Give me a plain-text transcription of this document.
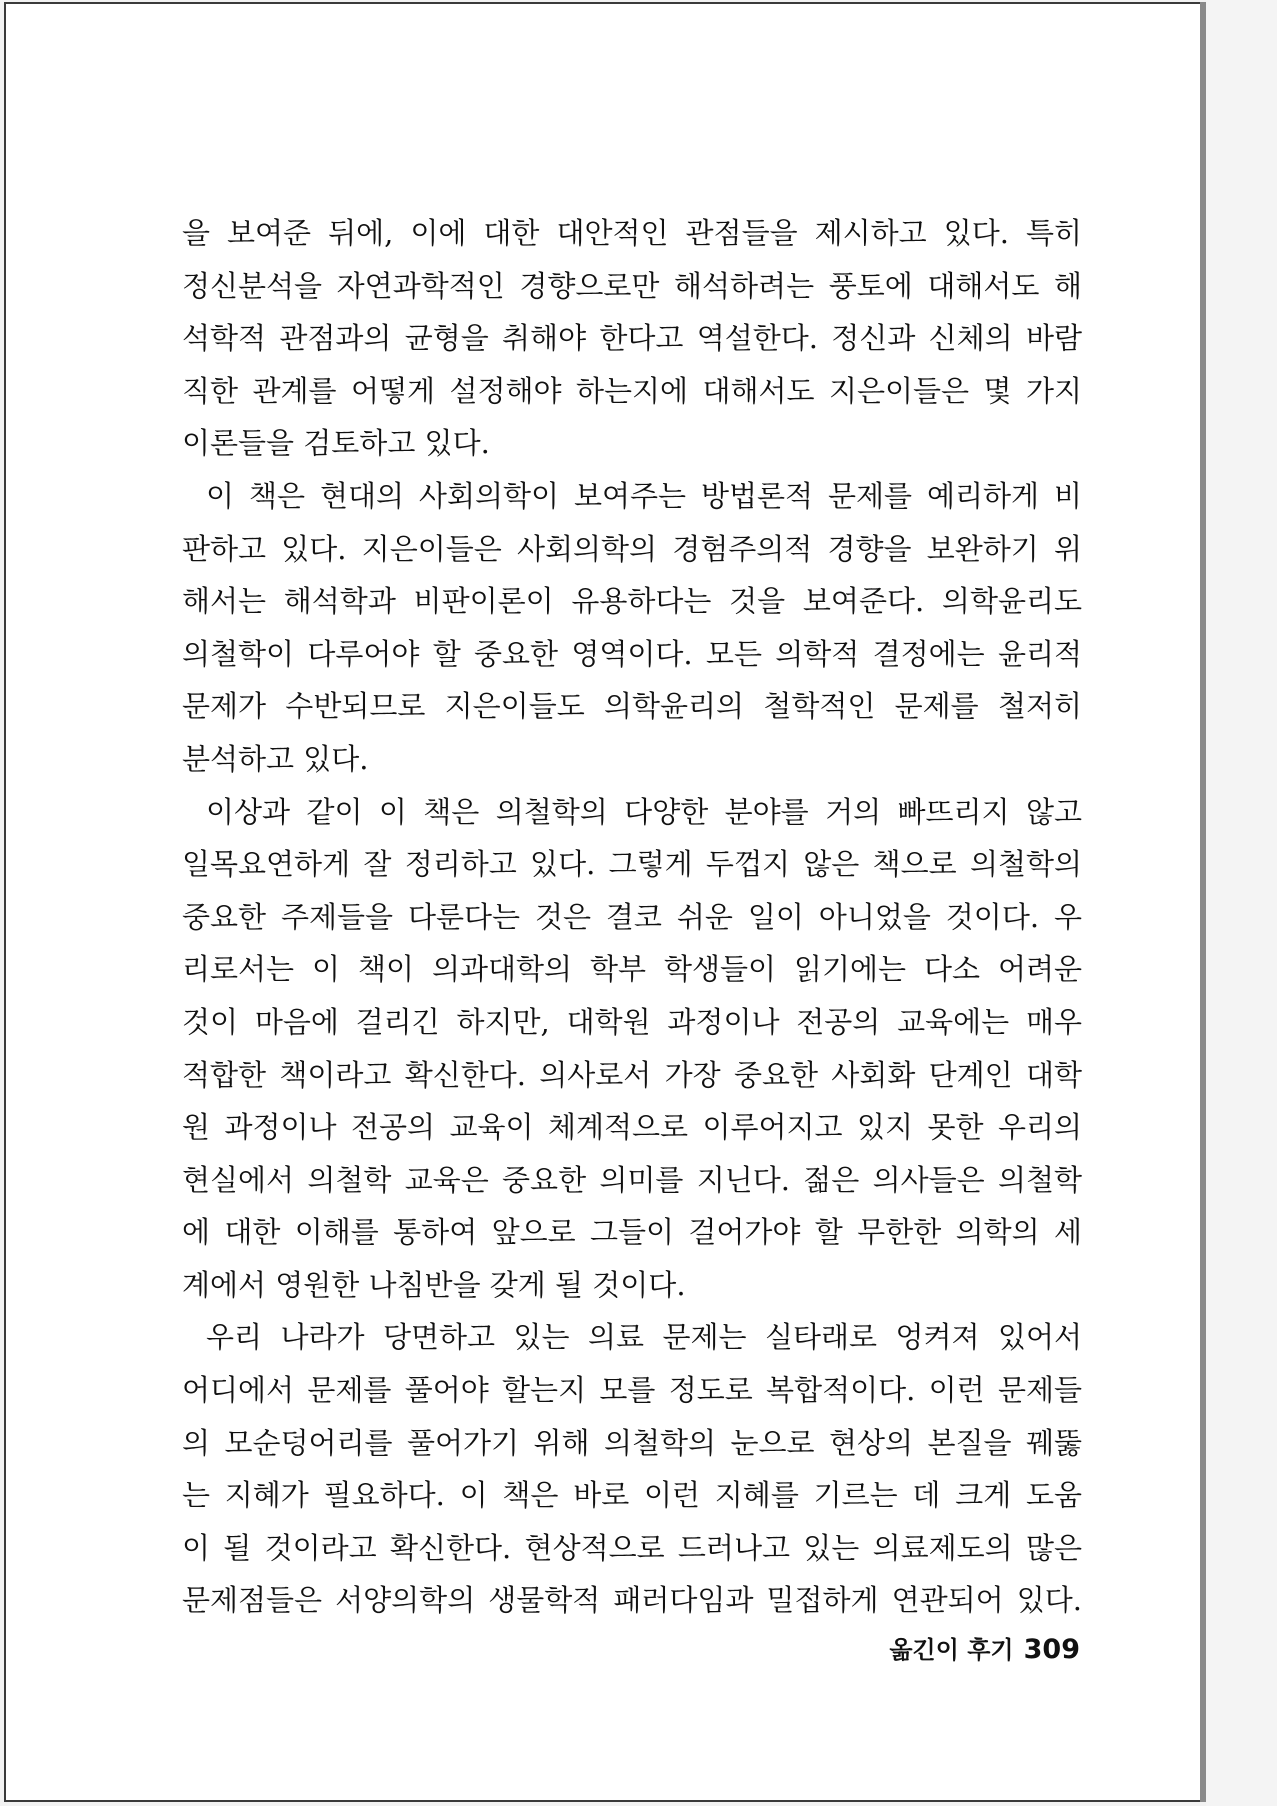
을 보여준 뒤에, 이에 대한 대안적인 관점들을 제시하고 있다. 특히
정신분석을 자연과학적인 경향으로만 해석하려는 풍토에 대해서도 해
석학적 관점과의 균형을 취해야 한다고 역설한다. 정신과 신체의 바람
직한 관계를 어떻게 설정해야 하는지에 대해서도 지은이들은 몇 가지
이론들을 검토하고 있다.
이 책은 현대의 사회의학이 보여주는 방법론적 문제를 예리하게 비
판하고 있다. 지은이들은 사회의학의 경험주의적 경향을 보완하기 위
해서는 해석학과 비판이론이 유용하다는 것을 보여준다. 의학윤리도
의철학이 다루어야 할 중요한 영역이다. 모든 의학적 결정에는 윤리적
문제가 수반되므로 지은이들도 의학윤리의 철학적인 문제를 철저히
분석하고 있다.
이상과 같이 이 책은 의철학의 다양한 분야를 거의 빠뜨리지 않고
일목요연하게 잘 정리하고 있다. 그렇게 두껍지 않은 책으로 의철학의
중요한 주제들을 다룬다는 것은 결코 쉬운 일이 아니었을 것이다. 우
리로서는 이 책이 의과대학의 학부 학생들이 읽기에는 다소 어려운
것이 마음에 걸리긴 하지만, 대학원 과정이나 전공의 교육에는 매우
적합한 책이라고 확신한다. 의사로서 가장 중요한 사회화 단계인 대학
원 과정이나 전공의 교육이 체계적으로 이루어지고 있지 못한 우리의
현실에서 의철학 교육은 중요한 의미를 지닌다. 젊은 의사들은 의철학
에 대한 이해를 통하여 앞으로 그들이 걸어가야 할 무한한 의학의 세
계에서 영원한 나침반을 갖게 될 것이다.
우리 나라가 당면하고 있는 의료 문제는 실타래로 엉켜져 있어서
어디에서 문제를 풀어야 할는지 모를 정도로 복합적이다. 이런 문제들
의 모순덩어리를 풀어가기 위해 의철학의 눈으로 현상의 본질을 꿰뚫
는 지혜가 필요하다. 이 책은 바로 이런 지혜를 기르는 데 크게 도움
이 될 것이라고 확신한다. 현상적으로 드러나고 있는 의료제도의 많은
문제점들은 서양의학의 생물학적 패러다임과 밀접하게 연관되어 있다.
옮긴이 후기 309
